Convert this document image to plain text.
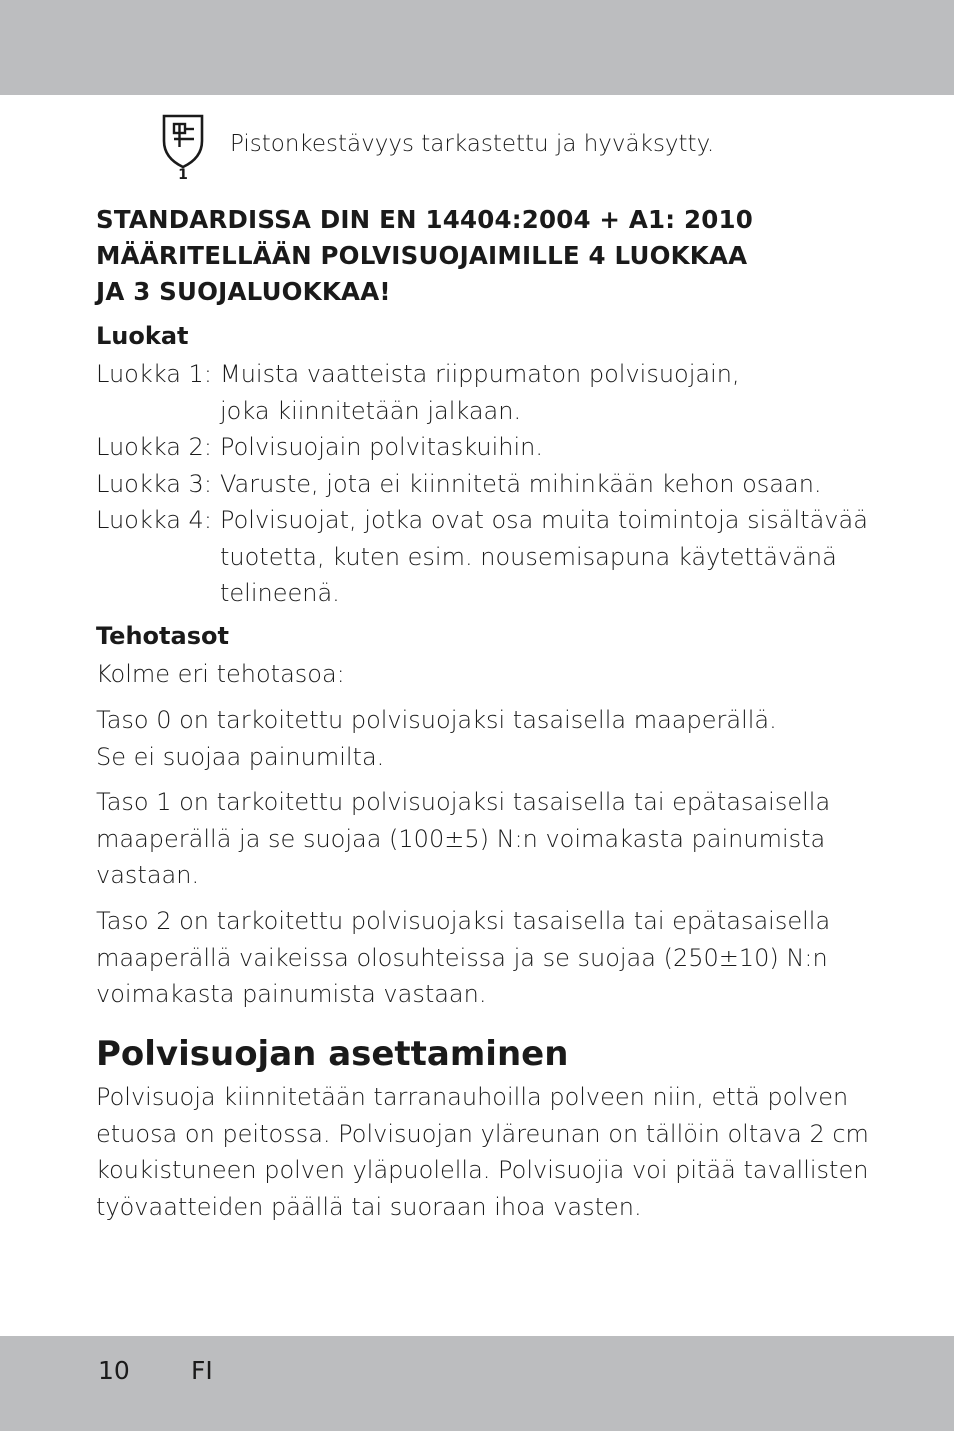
1
Pistonkestävyys tarkastettu ja hyväksytty.
STANDARDISSA DIN EN 14404:2004 + A1: 2010
MÄÄRITELLÄÄN POLVISUOJAIMILLE 4 LUOKKAA
JA 3 SUOJALUOKKAA!
Luokat
Luokka 1: Muista vaatteista riippumaton polvisuojain,
joka kiinnitetään jalkaan.
Luokka 2: Polvisuojain polvitaskuihin.
Luokka 3: Varuste, jota ei kiinnitetä mihinkään kehon osaan.
Luokka 4: Polvisuojat, jotka ovat osa muita toimintoja sisältävää
tuotetta, kuten esim. nousemisapuna käytettävänä
telineenä.
Tehotasot
Kolme eri tehotasoa:
Taso 0 on tarkoitettu polvisuojaksi tasaisella maaperällä.
Se ei suojaa painumilta.
Taso 1 on tarkoitettu polvisuojaksi tasaisella tai epätasaisella
maaperällä ja se suojaa (100±5) N:n voimakasta painumista
vastaan.
Taso 2 on tarkoitettu polvisuojaksi tasaisella tai epätasaisella
maaperällä vaikeissa olosuhteissa ja se suojaa (250±10) N:n
voimakasta painumista vastaan.
Polvisuojan asettaminen
Polvisuoja kiinnitetään tarranauhoilla polveen niin, että polven
etuosa on peitossa. Polvisuojan yläreunan on tällöin oltava 2 cm
koukistuneen polven yläpuolella. Polvisuojia voi pitää tavallisten
työvaatteiden päällä tai suoraan ihoa vasten.
10 FI
